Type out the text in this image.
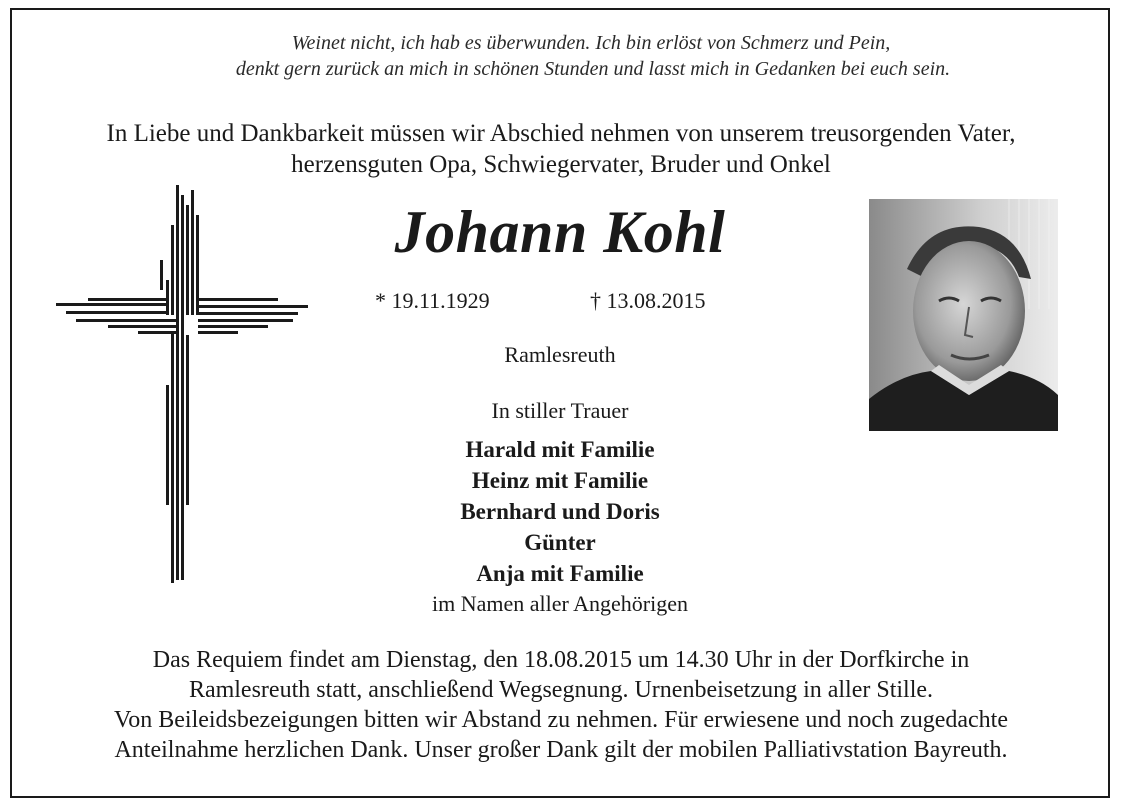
Weinet nicht, ich hab es überwunden. Ich bin erlöst von Schmerz und Pein,
denkt gern zurück an mich in schönen Stunden und lasst mich in Gedanken bei euch sein.
In Liebe und Dankbarkeit müssen wir Abschied nehmen von unserem treusorgenden Vater,
herzensguten Opa, Schwiegervater, Bruder und Onkel
Johann Kohl
* 19.11.1929	† 13.08.2015
Ramlesreuth
In stiller Trauer
Harald mit Familie
Heinz mit Familie
Bernhard und Doris
Günter
Anja mit Familie
im Namen aller Angehörigen
Das Requiem findet am Dienstag, den 18.08.2015 um 14.30 Uhr in der Dorfkirche in
Ramlesreuth statt, anschließend Wegsegnung. Urnenbeisetzung in aller Stille.
Von Beileidsbezeigungen bitten wir Abstand zu nehmen. Für erwiesene und noch zugedachte
Anteilnahme herzlichen Dank. Unser großer Dank gilt der mobilen Palliativstation Bayreuth.
